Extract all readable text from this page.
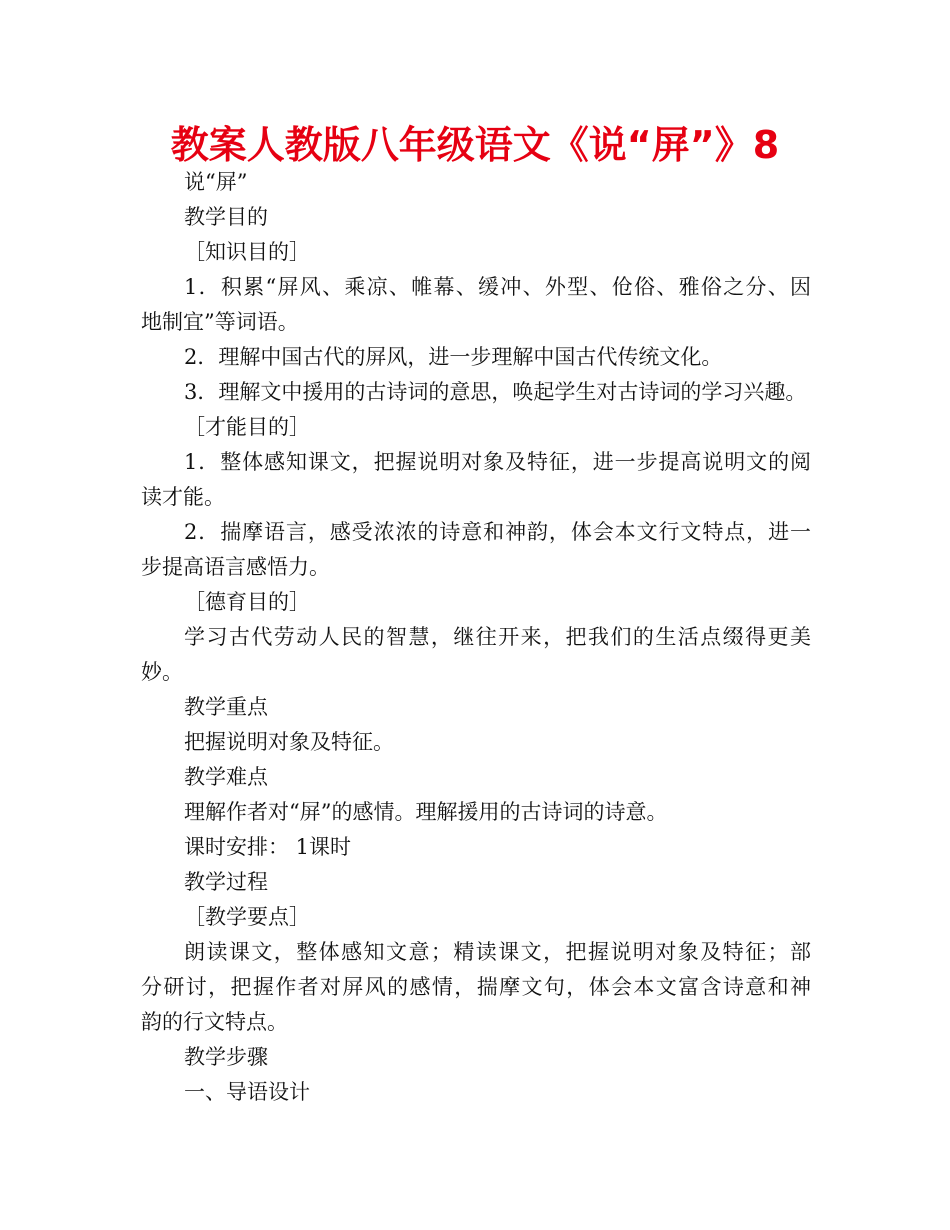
教案人教版八年级语文《说“屏”》8
说“屏”
教学目的
［知识目的］
1．积累“屏风、乘凉、帷幕、缓冲、外型、伧俗、雅俗之分、因
地制宜”等词语。
2．理解中国古代的屏风，进一步理解中国古代传统文化。
3．理解文中援用的古诗词的意思，唤起学生对古诗词的学习兴趣。
［才能目的］
1．整体感知课文，把握说明对象及特征，进一步提高说明文的阅
读才能。
2．揣摩语言，感受浓浓的诗意和神韵，体会本文行文特点，进一
步提高语言感悟力。
［德育目的］
学习古代劳动人民的智慧，继往开来，把我们的生活点缀得更美
妙。
教学重点
把握说明对象及特征。
教学难点
理解作者对“屏”的感情。理解援用的古诗词的诗意。
课时安排： 1课时
教学过程
［教学要点］
朗读课文，整体感知文意；精读课文，把握说明对象及特征；部
分研讨，把握作者对屏风的感情，揣摩文句，体会本文富含诗意和神
韵的行文特点。
教学步骤
一、导语设计
